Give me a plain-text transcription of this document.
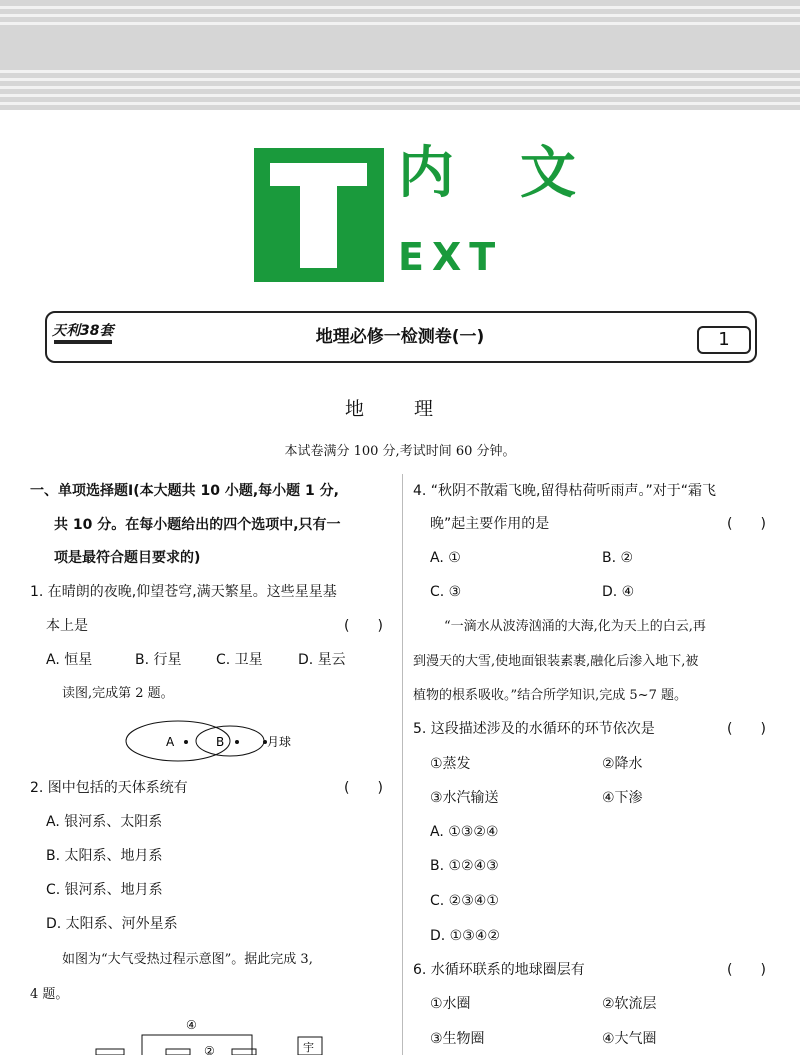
内 文
EXT
天利38套	地理必修一检测卷(一)	1
地 理
本试卷满分 100 分,考试时间 60 分钟。
一、单项选择题Ⅰ(本大题共 10 小题,每小题 1 分,
共 10 分。在每小题给出的四个选项中,只有一
项是最符合题目要求的)
1. 在晴朗的夜晚,仰望苍穹,满天繁星。这些星星基
本上是	(　　)
A. 恒星	B. 行星 C. 卫星	D. 星云
读图,完成第 2 题。
A	B	月球
2. 图中包括的天体系统有	(　　)
A. 银河系、太阳系
B. 太阳系、地月系
C. 银河系、地月系
D. 太阳系、河外星系
如图为“大气受热过程示意图”。据此完成 3,
4 题。
④
②	宇
4. “秋阴不散霜飞晚,留得枯荷听雨声。”对于“霜飞
晚”起主要作用的是	(　　)
A. ①	B. ②
C. ③	D. ④
“一滴水从波涛汹涌的大海,化为天上的白云,再
到漫天的大雪,使地面银装素裹,融化后渗入地下,被
植物的根系吸收。”结合所学知识,完成 5~7 题。
5. 这段描述涉及的水循环的环节依次是	(　　)
①蒸发	②降水
③水汽输送	④下渗
A. ①③②④
B. ①②④③
C. ②③④①
D. ①③④②
6. 水循环联系的地球圈层有	(　　)
①水圈	②软流层
③生物圈	④大气圈
